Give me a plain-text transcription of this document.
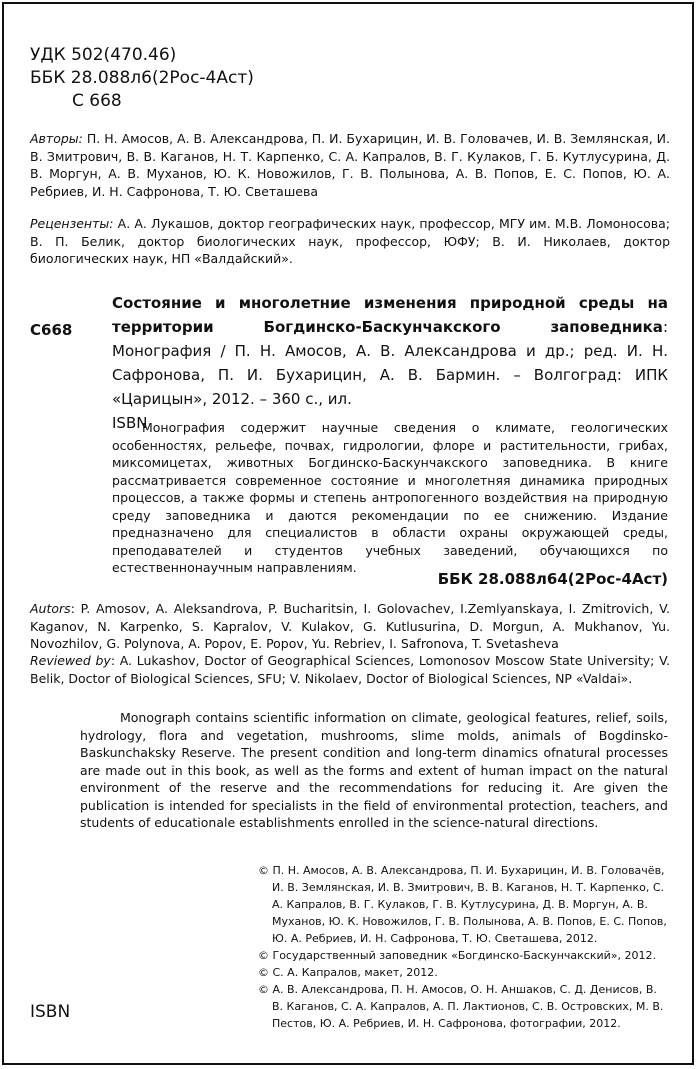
УДК 502(470.46)
ББК 28.088л6(2Рос-4Аст)
С 668
Авторы: П. Н. Амосов, А. В. Александрова, П. И. Бухарицин, И. В. Головачев, И. В. Землянская, И. В. Змитрович, В. В. Каганов, Н. Т. Карпенко, С. А. Капралов, В. Г. Кулаков, Г. Б. Кутлусурина, Д. В. Моргун, А. В. Муханов, Ю. К. Новожилов, Г. В. Полынова, А. В. Попов, Е. С. Попов, Ю. А. Ребриев, И. Н. Сафронова, Т. Ю. Светашева
Рецензенты: А. А. Лукашов, доктор географических наук, профессор, МГУ им. М.В. Ломоносова; В. П. Белик, доктор биологических наук, профессор, ЮФУ; В. И. Николаев, доктор биологических наук, НП «Валдайский».
С668
Состояние и многолетние изменения природной среды на территории Богдинско-Баскунчакского заповедника: Монография / П. Н. Амосов, А. В. Александрова и др.; ред. И. Н. Сафронова, П. И. Бухарицин, А. В. Бармин. – Волгоград: ИПК «Царицын», 2012. – 360 с., ил.
ISBN
Монография содержит научные сведения о климате, геологических особенностях, рельефе, почвах, гидрологии, флоре и растительности, грибах, миксомицетах, животных Богдинско-Баскунчакского заповедника. В книге рассматривается современное состояние и многолетняя динамика природных процессов, а также формы и степень антропогенного воздействия на природную среду заповедника и даются рекомендации по ее снижению. Издание предназначено для специалистов в области охраны окружающей среды, преподавателей и студентов учебных заведений, обучающихся по естественнонаучным направлениям.
ББК 28.088л64(2Рос-4Аст)
Autors: P. Amosov, A. Aleksandrova, P. Bucharitsin, I. Golovachev, I.Zemlyanskaya, I. Zmitrovich, V. Kaganov, N. Karpenko, S. Kapralov, V. Kulakov, G. Kutlusurina, D. Morgun, A. Mukhanov, Yu. Novozhilov, G. Polynova, A. Popov, E. Popov, Yu. Rebriev, I. Safronova, T. Svetasheva
Reviewed by: A. Lukashov, Doctor of Geographical Sciences, Lomonosov Moscow State University; V. Belik, Doctor of Biological Sciences, SFU; V. Nikolaev, Doctor of Biological Sciences, NP «Valdai».
Monograph contains scientific information on climate, geological features, relief, soils, hydrology, flora and vegetation, mushrooms, slime molds, animals of Bogdinsko-Baskunchaksky Reserve. The present condition and long-term dinamics ofnatural processes are made out in this book, as well as the forms and extent of human impact on the natural environment of the reserve and the recommendations for reducing it. Are given the publication is intended for specialists in the field of environmental protection, teachers, and students of educationale establishments enrolled in the science-natural directions.
© П. Н. Амосов, А. В. Александрова, П. И. Бухарицин, И. В. Головачёв, И. В. Землянская, И. В. Змитрович, В. В. Каганов, Н. Т. Карпенко, С. А. Капралов, В. Г. Кулаков, Г. В. Кутлусурина, Д. В. Моргун, А. В. Муханов, Ю. К. Новожилов, Г. В. Полынова, А. В. Попов, Е. С. Попов, Ю. А. Ребриев, И. Н. Сафронова, Т. Ю. Светашева, 2012.
© Государственный заповедник «Богдинско-Баскунчакский», 2012.
© С. А. Капралов, макет, 2012.
© А. В. Александрова, П. Н. Амосов, О. Н. Аншаков, С. Д. Денисов, В. В. Каганов, С. А. Капралов, А. П. Лактионов, С. В. Островских, М. В. Пестов, Ю. А. Ребриев, И. Н. Сафронова, фотографии, 2012.
ISBN
